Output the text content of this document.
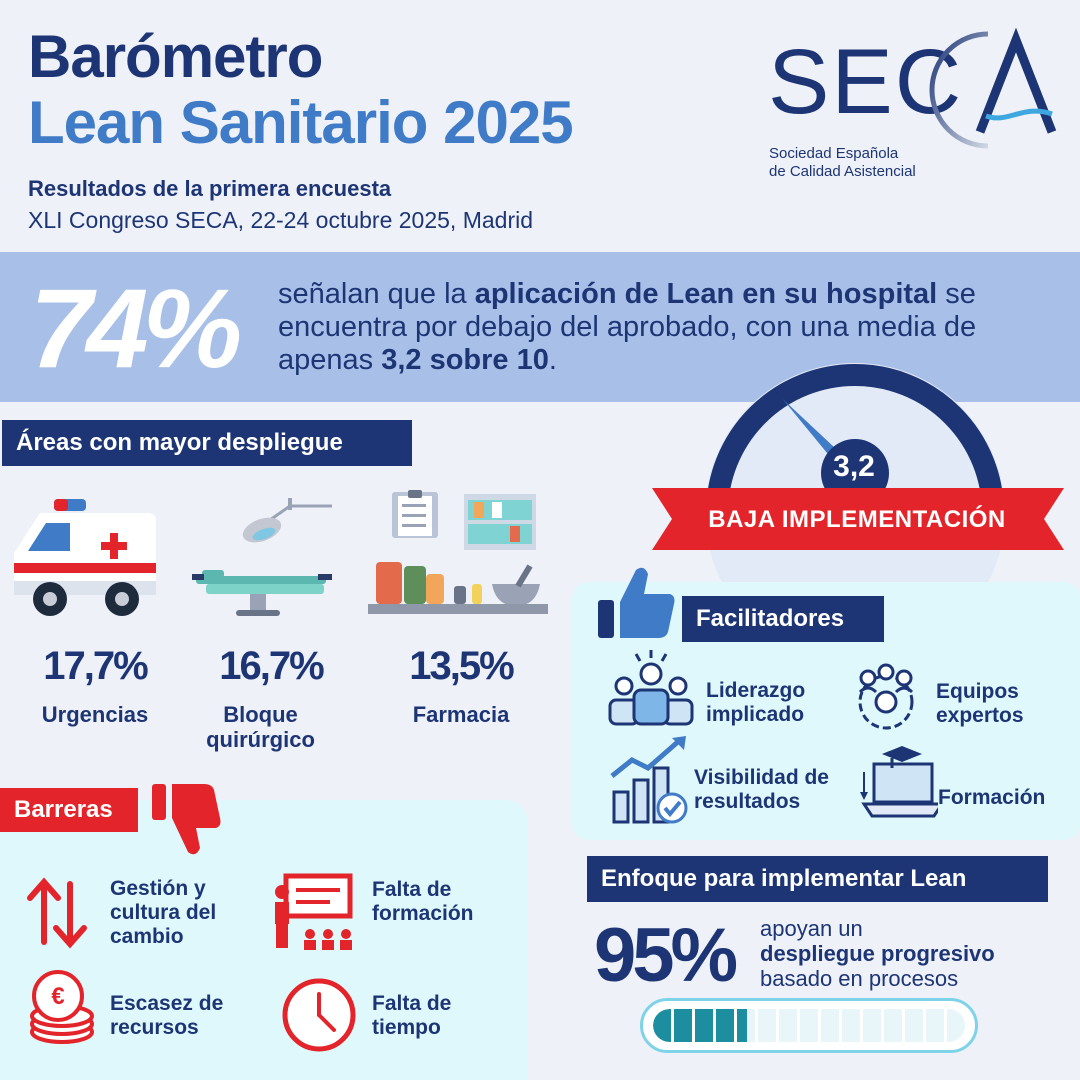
Barómetro
Lean Sanitario 2025
Resultados de la primera encuesta
XLI Congreso SECA, 22-24 octubre 2025, Madrid
SEC
Sociedad Española
de Calidad Asistencial
74% señalan que la aplicación de Lean en su hospital se encuentra por debajo del aprobado, con una media de apenas 3,2 sobre 10.
3,2
BAJA IMPLEMENTACIÓN
Áreas con mayor despliegue
17,7%
Urgencias
16,7%
Bloque quirúrgico
13,5%
Farmacia
Facilitadores
Liderazgo implicado
Equipos expertos
Visibilidad de resultados	Formación
Barreras
Gestión y cultura del cambio
Falta de formación
€ Escasez de recursos
Falta de tiempo
Enfoque para implementar Lean
95% apoyan un
despliegue progresivo
basado en procesos
